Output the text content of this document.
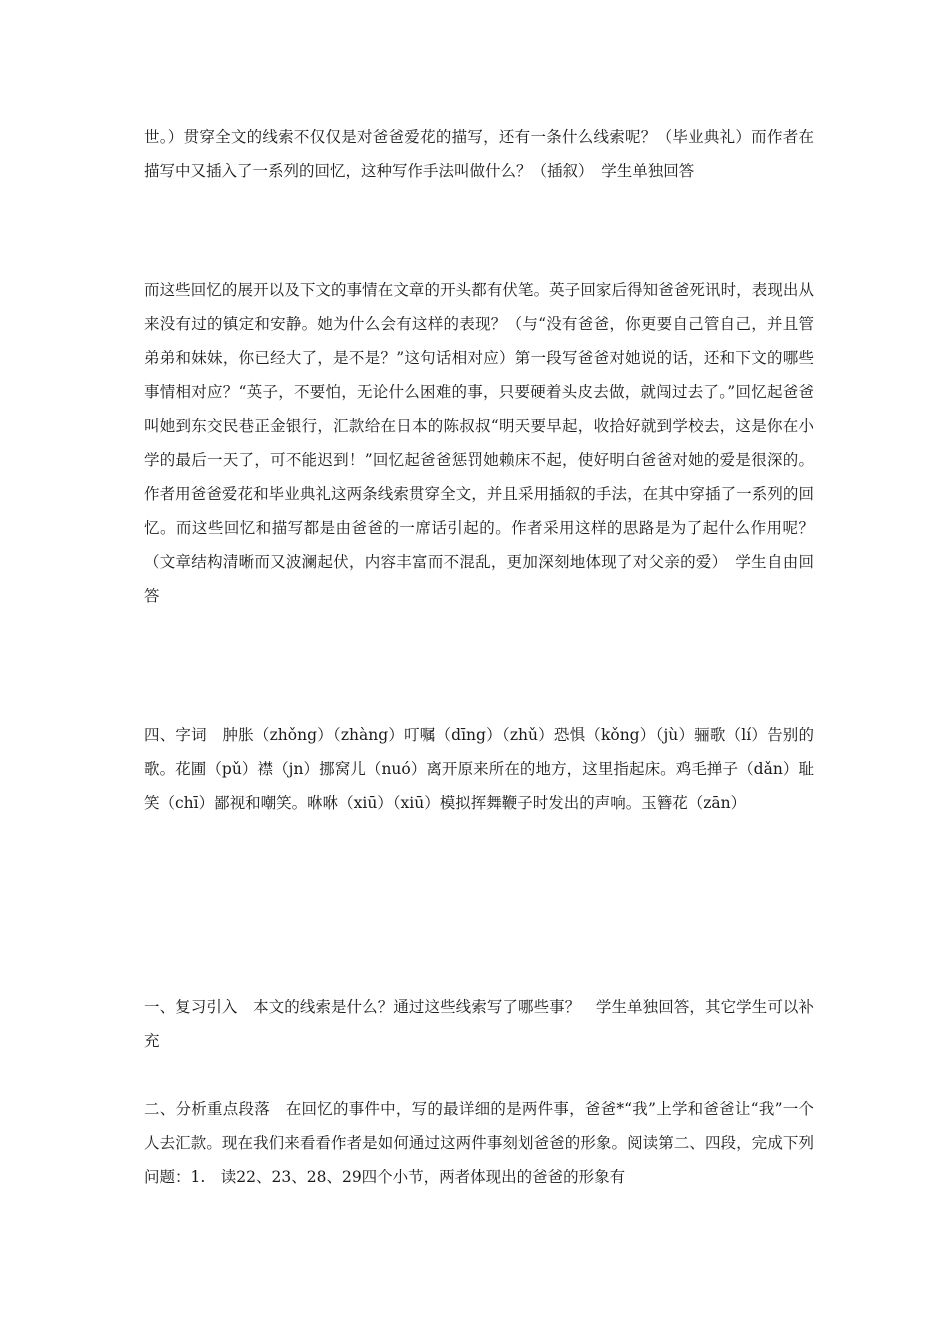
世。）贯穿全文的线索不仅仅是对爸爸爱花的描写，还有一条什么线索呢？（毕业典礼）而作者在描写中又插入了一系列的回忆，这种写作手法叫做什么？（插叙）　学生单独回答

而这些回忆的展开以及下文的事情在文章的开头都有伏笔。英子回家后得知爸爸死讯时，表现出从来没有过的镇定和安静。她为什么会有这样的表现？（与“没有爸爸，你更要自己管自己，并且管弟弟和妹妹，你已经大了，是不是？”这句话相对应）第一段写爸爸对她说的话，还和下文的哪些事情相对应？“英子，不要怕，无论什么困难的事，只要硬着头皮去做，就闯过去了。”回忆起爸爸叫她到东交民巷正金银行，汇款给在日本的陈叔叔“明天要早起，收拾好就到学校去，这是你在小学的最后一天了，可不能迟到！”回忆起爸爸惩罚她赖床不起，使好明白爸爸对她的爱是很深的。作者用爸爸爱花和毕业典礼这两条线索贯穿全文，并且采用插叙的手法，在其中穿插了一系列的回忆。而这些回忆和描写都是由爸爸的一席话引起的。作者采用这样的思路是为了起什么作用呢？（文章结构清晰而又波澜起伏，内容丰富而不混乱，更加深刻地体现了对父亲的爱）　学生自由回答

四、字词　肿胀（zhǒng）（zhàng）叮嘱（dīng）（zhǔ）恐惧（kǒng）（jù）骊歌（lí）告别的歌。花圃（pǔ）襟（jn）挪窝儿（nuó）离开原来所在的地方，这里指起床。鸡毛掸子（dǎn）耻笑（chī）鄙视和嘲笑。咻咻（xiū）（xiū）模拟挥舞鞭子时发出的声响。玉簪花（zān）

一、复习引入　本文的线索是什么？通过这些线索写了哪些事？　学生单独回答，其它学生可以补充

二、分析重点段落　在回忆的事件中，写的最详细的是两件事，爸爸*“我”上学和爸爸让“我”一个人去汇款。现在我们来看看作者是如何通过这两件事刻划爸爸的形象。阅读第二、四段，完成下列问题：1.　读22、23、28、29四个小节，两者体现出的爸爸的形象有
